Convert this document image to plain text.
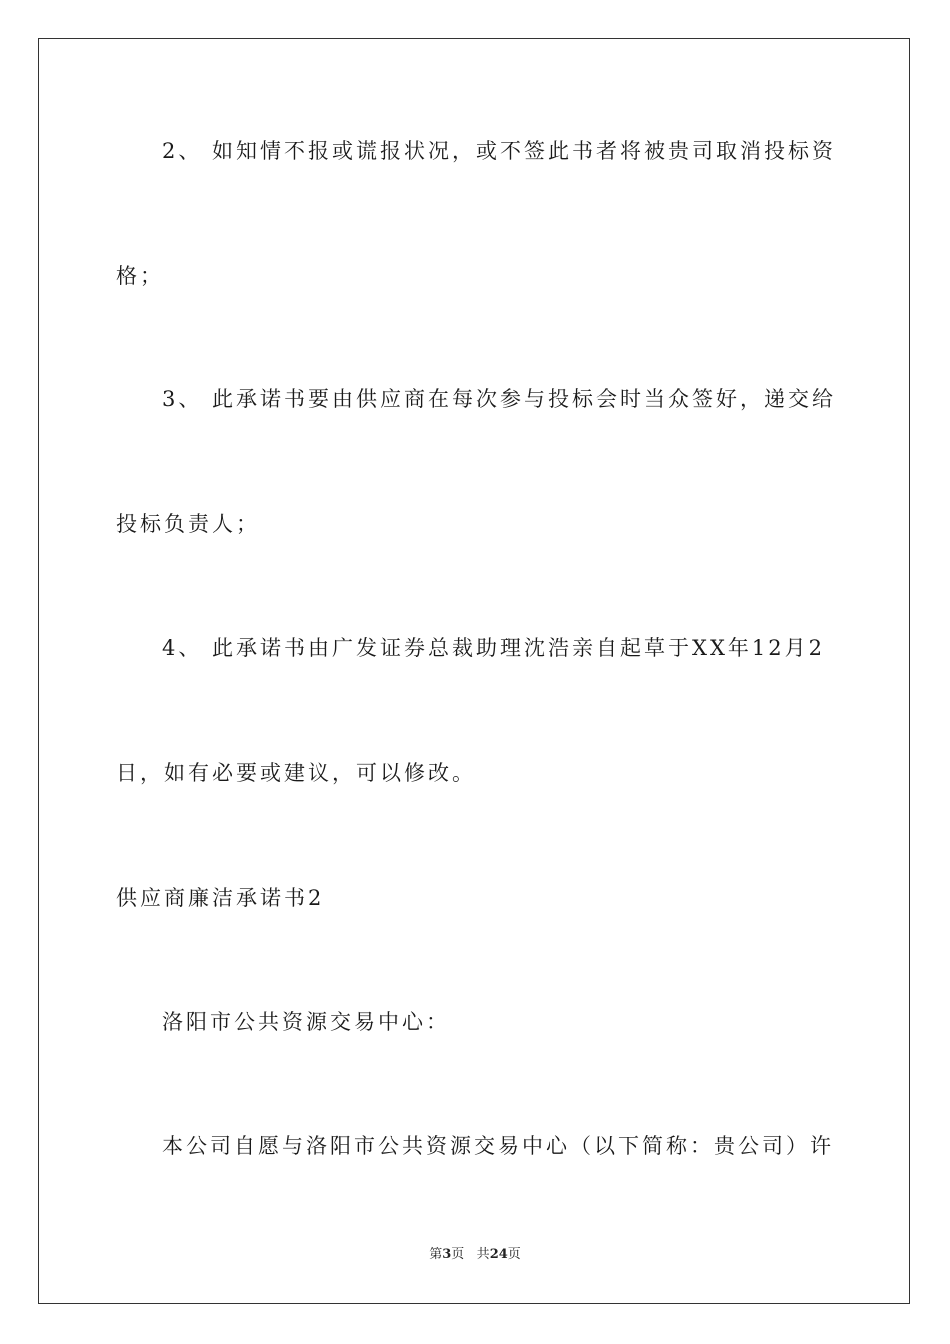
2、 如知情不报或谎报状况，或不签此书者将被贵司取消投标资
格；
3、 此承诺书要由供应商在每次参与投标会时当众签好，递交给
投标负责人；
4、 此承诺书由广发证券总裁助理沈浩亲自起草于XX年12月2
日，如有必要或建议，可以修改。
供应商廉洁承诺书2
洛阳市公共资源交易中心：
本公司自愿与洛阳市公共资源交易中心（以下简称：贵公司）许
第3页 共24页
